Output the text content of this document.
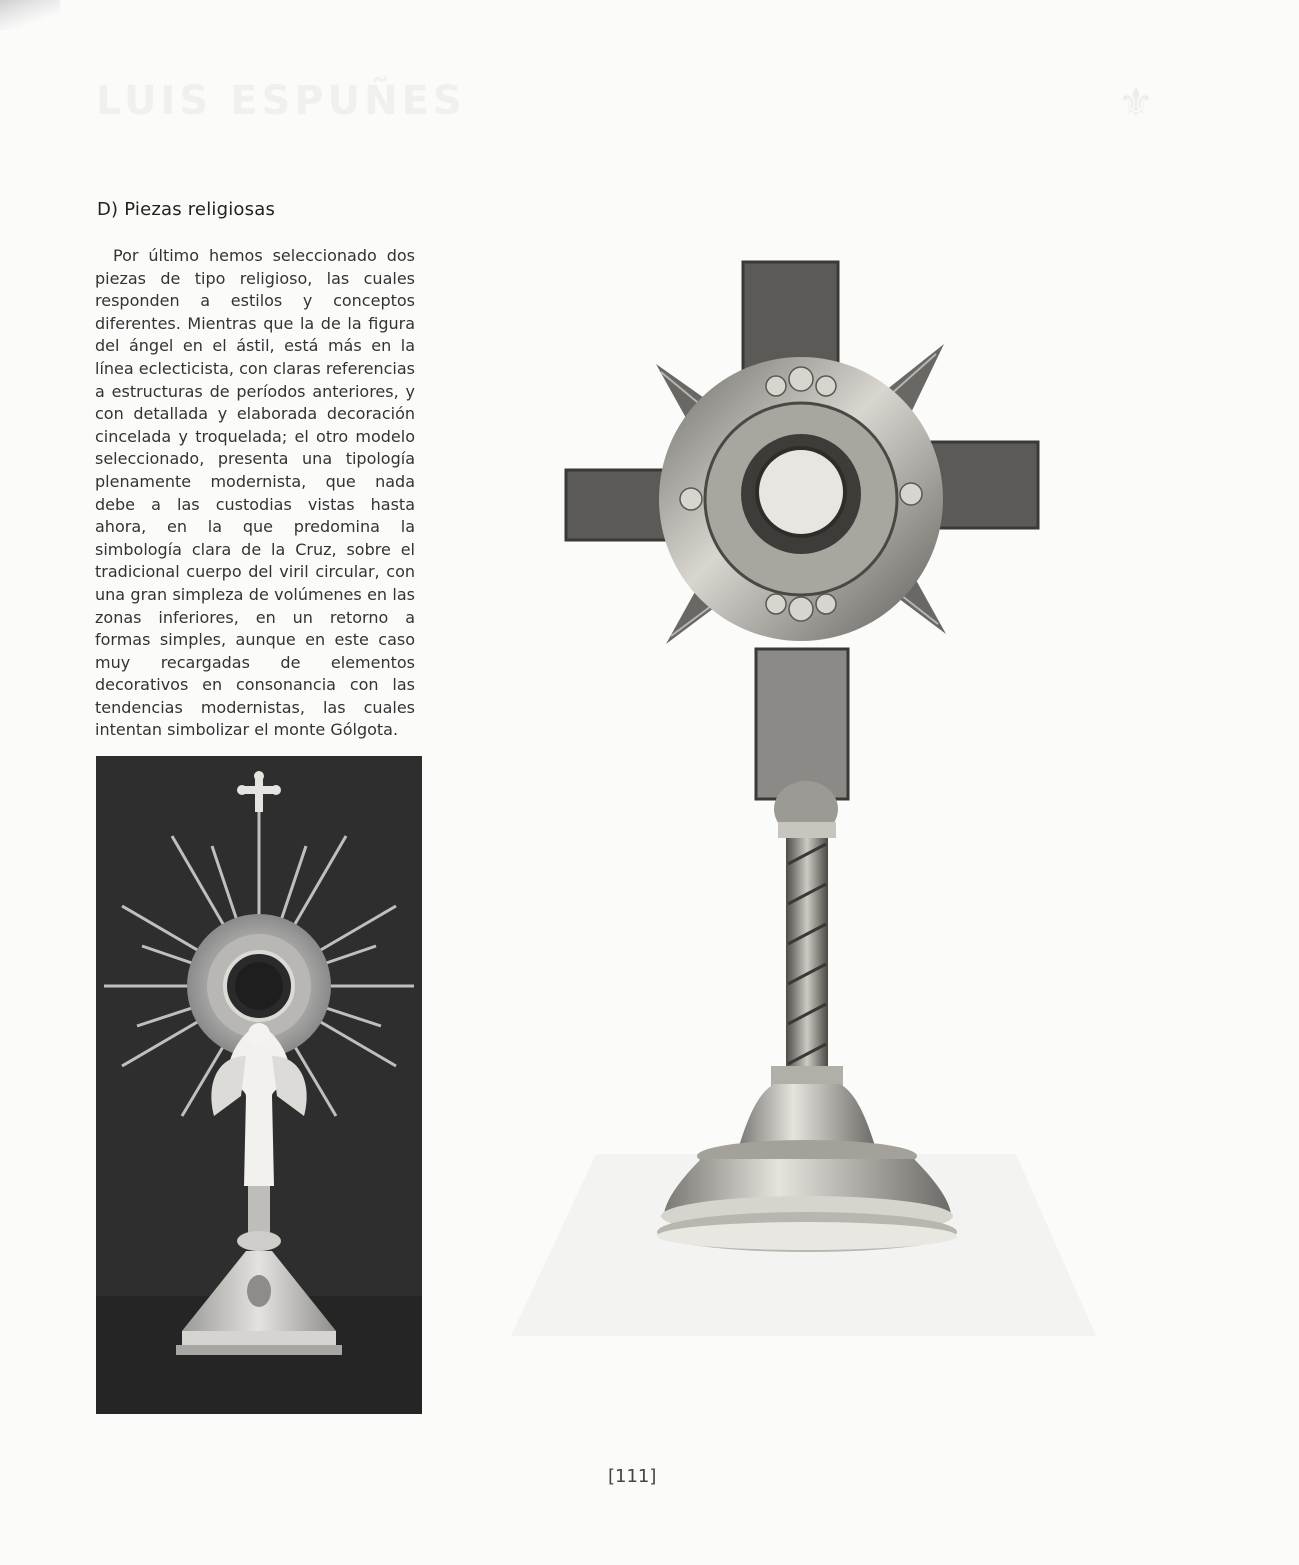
LUIS ESPUÑES	⚜
D) Piezas religiosas

Por último hemos seleccionado dos piezas de tipo religioso, las cuales responden a estilos y conceptos diferentes. Mientras que la de la figura del ángel en el ástil, está más en la línea eclecticista, con claras referencias a estructuras de períodos anteriores, y con detallada y elaborada decoración cincelada y troquelada; el otro modelo seleccionado, presenta una tipología plenamente modernista, que nada debe a las custodias vistas hasta ahora, en la que predomina la simbología clara de la Cruz, sobre el tradicional cuerpo del viril circular, con una gran simpleza de volúmenes en las zonas inferiores, en un retorno a formas simples, aunque en este caso muy recargadas de elementos decorativos en consonancia con las tendencias modernistas, las cuales intentan simbolizar el monte Gólgota.

[111]
